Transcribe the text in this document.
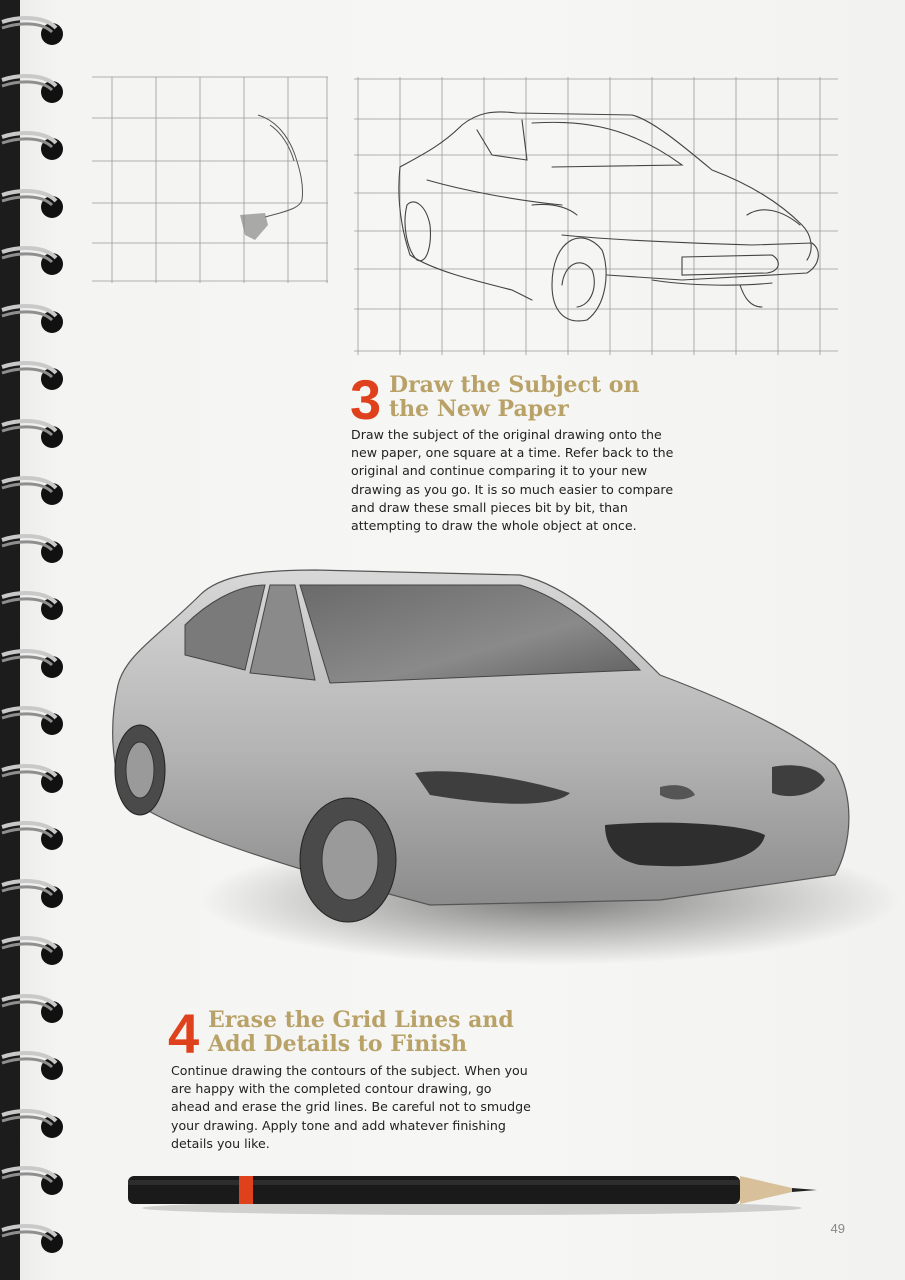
3 Draw the Subject on
the New Paper
Draw the subject of the original drawing onto the new paper, one square at a time. Refer back to the original and continue comparing it to your new drawing as you go. It is so much easier to compare and draw these small pieces bit by bit, than attempting to draw the whole object at once.
4 Erase the Grid Lines and
Add Details to Finish
Continue drawing the contours of the subject. When you are happy with the completed contour drawing, go ahead and erase the grid lines. Be careful not to smudge your drawing. Apply tone and add whatever finishing details you like.
49
